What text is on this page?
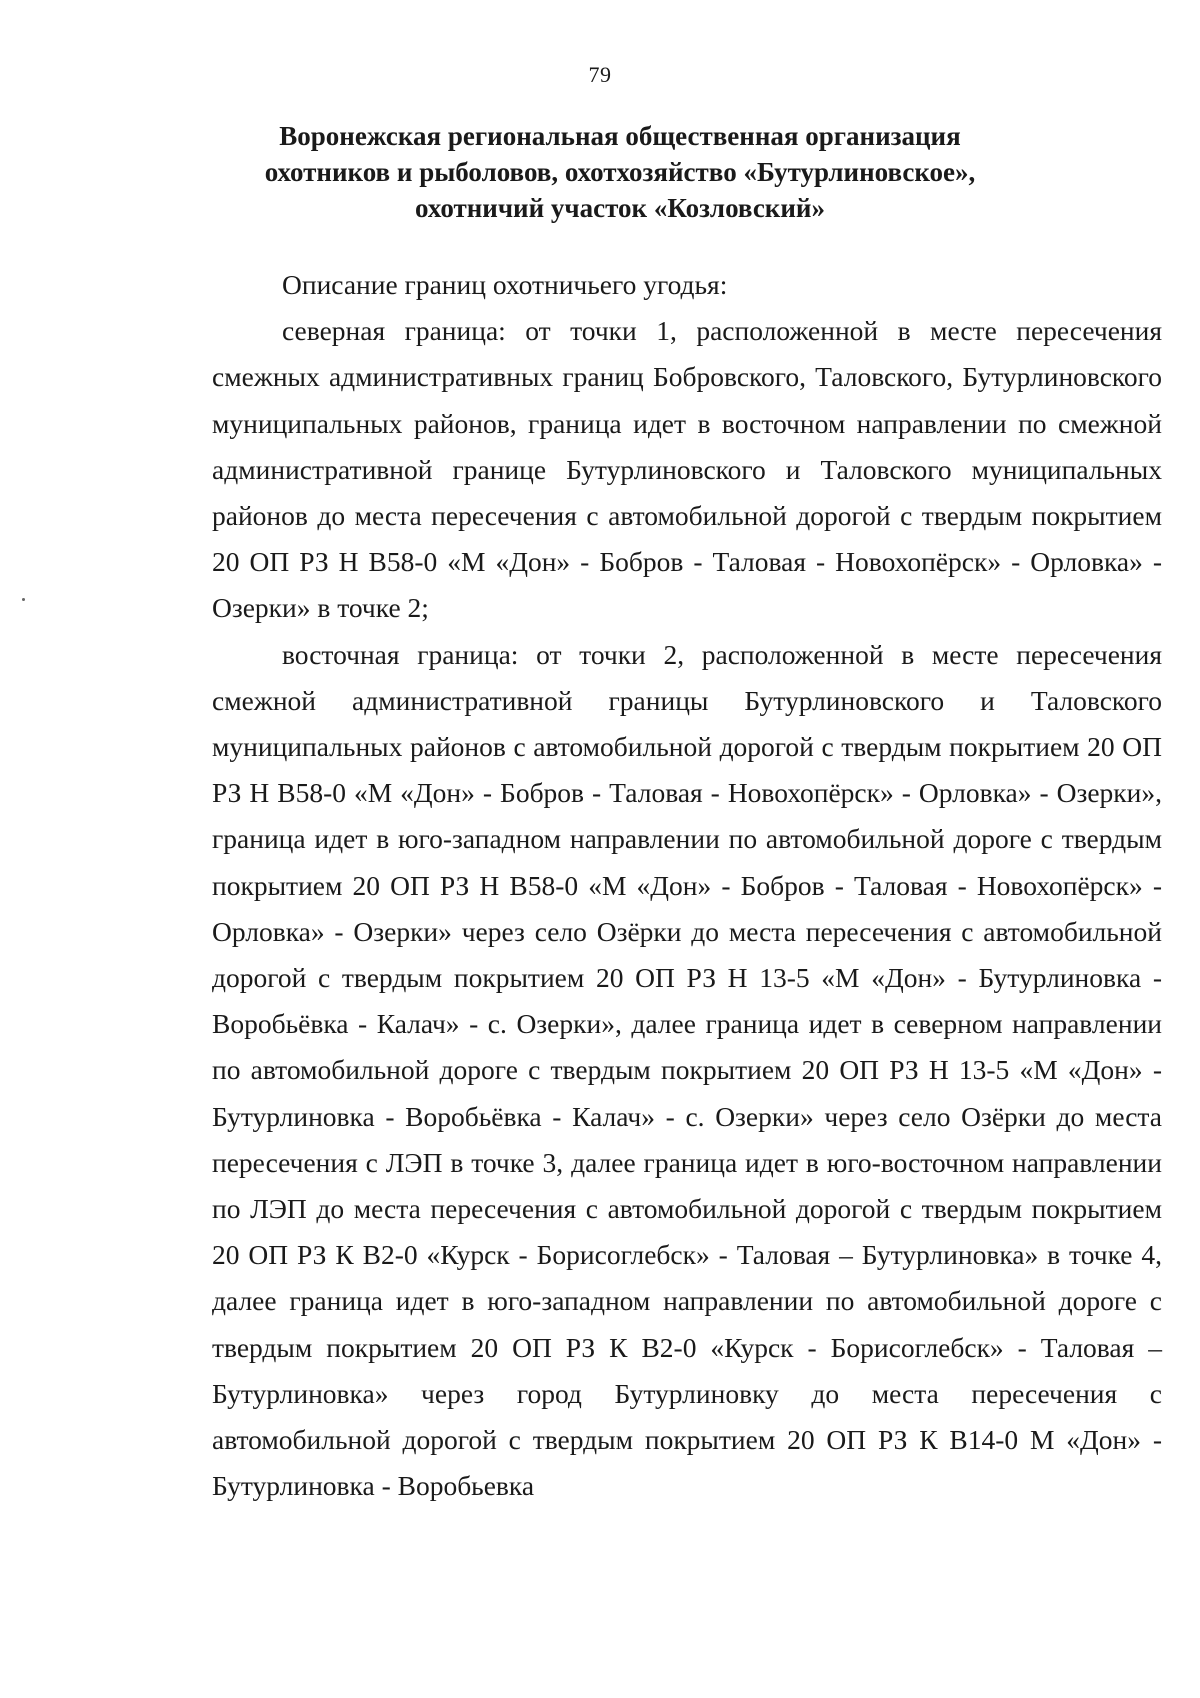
79
Воронежская региональная общественная организация
охотников и рыболовов, охотхозяйство «Бутурлиновское»,
охотничий участок «Козловский»

Описание границ охотничьего угодья:

северная граница: от точки 1, расположенной в месте пересечения смежных административных границ Бобровского, Таловского, Бутурлиновского муниципальных районов, граница идет в восточном направлении по смежной административной границе Бутурлиновского и Таловского муниципальных районов до места пересечения с автомобильной дорогой с твердым покрытием 20 ОП РЗ Н В58-0 «М «Дон» - Бобров - Таловая - Новохопёрск» - Орловка» - Озерки» в точке 2;

восточная граница: от точки 2, расположенной в месте пересечения смежной административной границы Бутурлиновского и Таловского муниципальных районов с автомобильной дорогой с твердым покрытием 20 ОП РЗ Н В58-0 «М «Дон» - Бобров - Таловая - Новохопёрск» - Орловка» - Озерки», граница идет в юго-западном направлении по автомобильной дороге с твердым покрытием 20 ОП РЗ Н В58-0 «М «Дон» - Бобров - Таловая - Новохопёрск» - Орловка» - Озерки» через село Озёрки до места пересечения с автомобильной дорогой с твердым покрытием 20 ОП РЗ Н 13-5 «М «Дон» - Бутурлиновка - Воробьёвка - Калач» - с. Озерки», далее граница идет в северном направлении по автомобильной дороге с твердым покрытием 20 ОП РЗ Н 13-5 «М «Дон» - Бутурлиновка - Воробьёвка - Калач» - с. Озерки» через село Озёрки до места пересечения с ЛЭП в точке 3, далее граница идет в юго-восточном направлении по ЛЭП до места пересечения с автомобильной дорогой с твердым покрытием 20 ОП РЗ К В2-0 «Курск - Борисоглебск» - Таловая – Бутурлиновка» в точке 4, далее граница идет в юго-западном направлении по автомобильной дороге с твердым покрытием 20 ОП РЗ К В2-0 «Курск - Борисоглебск» - Таловая – Бутурлиновка» через город Бутурлиновку до места пересечения с автомобильной дорогой с твердым покрытием 20 ОП РЗ К В14-0 М «Дон» - Бутурлиновка - Воробьевка
